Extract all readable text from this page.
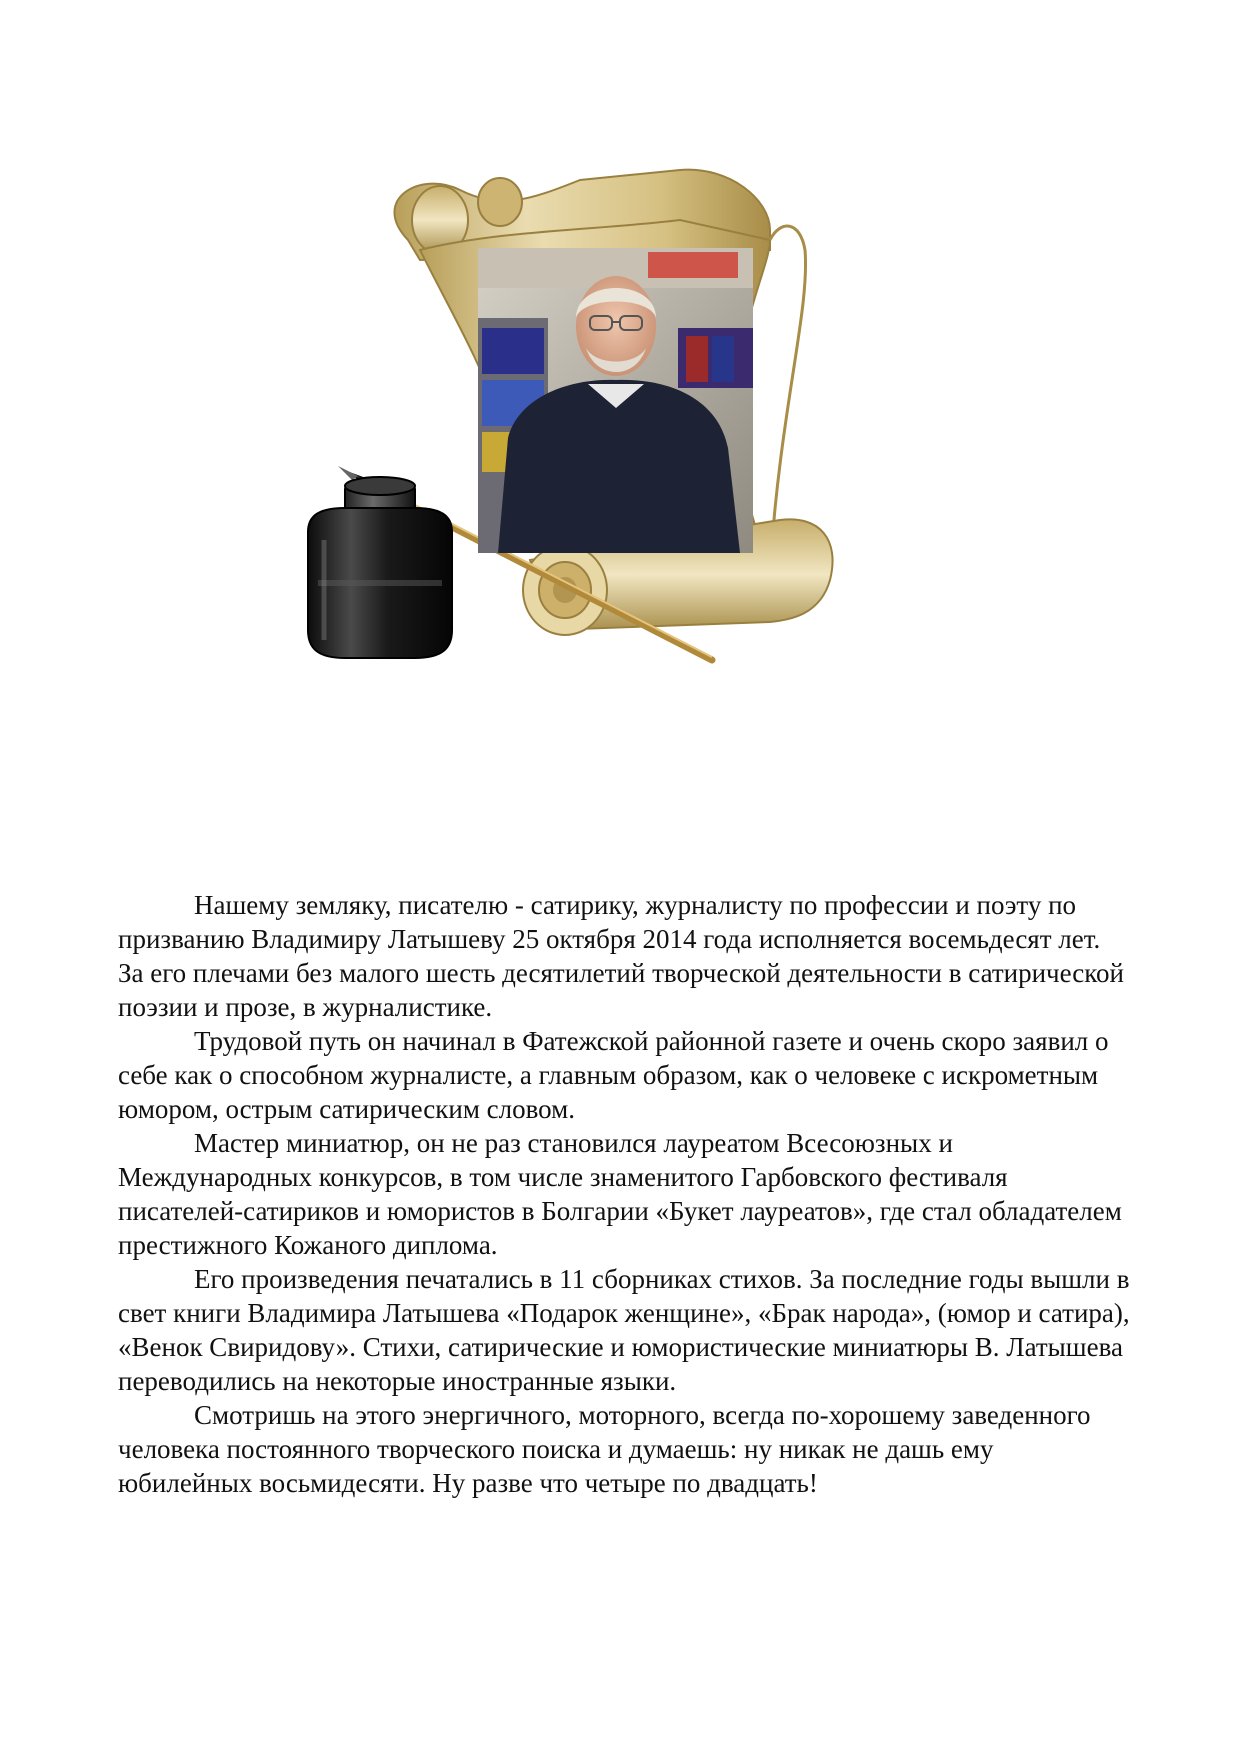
Нашему земляку, писателю - сатирику, журналисту по профессии и поэту по призванию Владимиру Латышеву 25 октября 2014 года исполняется восемьдесят лет.

За его плечами без малого шесть десятилетий творческой деятельности в сатирической поэзии и прозе, в журналистике.

Трудовой путь он начинал в Фатежской районной газете и очень скоро заявил о себе как о способном журналисте, а главным образом, как о человеке с искрометным юмором, острым сатирическим словом.

Мастер миниатюр, он не раз становился лауреатом Всесоюзных и Международных конкурсов, в том числе знаменитого Гарбовского фестиваля писателей-сатириков и юмористов в Болгарии «Букет лауреатов», где стал обладателем престижного Кожаного диплома.

Его произведения печатались в 11 сборниках стихов. За последние годы вышли в свет книги Владимира Латышева «Подарок женщине», «Брак народа», (юмор и сатира), «Венок Свиридову». Стихи, сатирические и юмористические миниатюры В. Латышева переводились на некоторые иностранные языки.

Смотришь на этого энергичного, моторного, всегда по-хорошему заведенного человека постоянного творческого поиска и думаешь: ну никак не дашь ему юбилейных восьмидесяти. Ну разве что четыре по двадцать!
